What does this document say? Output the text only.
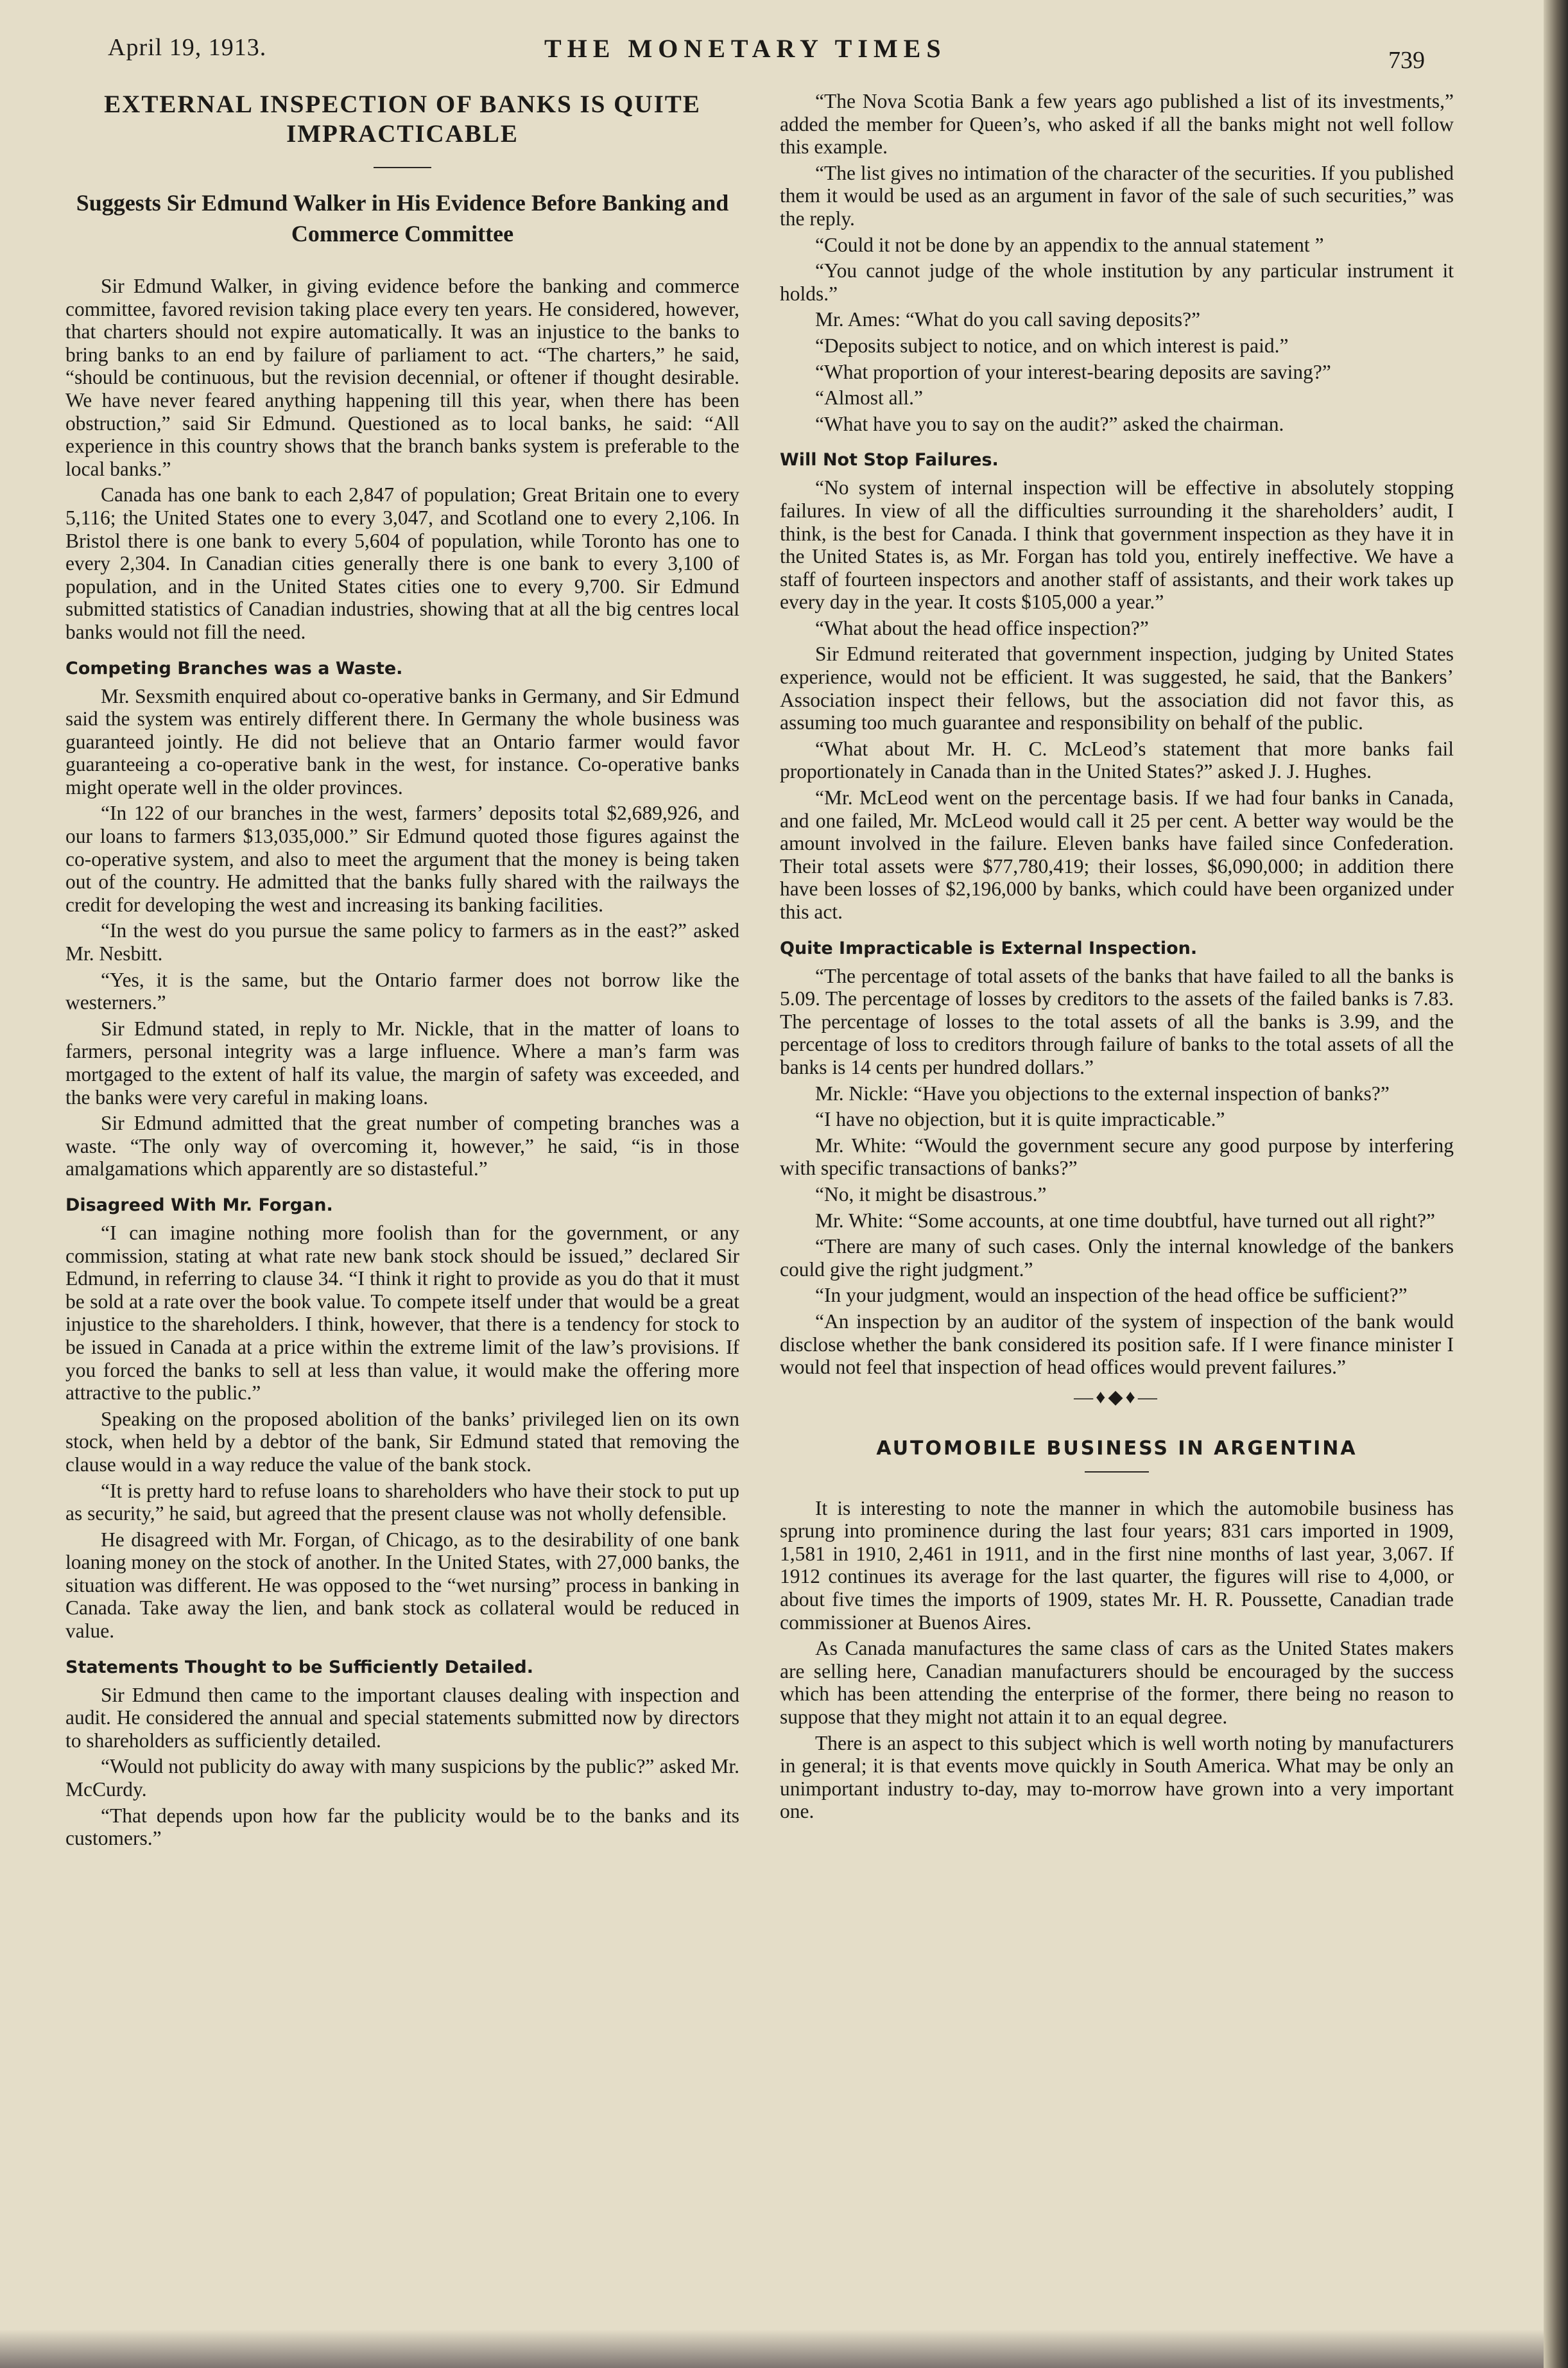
April 19, 1913.	THE MONETARY TIMES	739
EXTERNAL INSPECTION OF BANKS IS QUITE IMPRACTICABLE
Suggests Sir Edmund Walker in His Evidence Before Banking and Commerce Committee

Sir Edmund Walker, in giving evidence before the banking and commerce committee, favored revision taking place every ten years. He considered, however, that charters should not expire automatically. It was an injustice to the banks to bring banks to an end by failure of parliament to act. “The charters,” he said, “should be continuous, but the revision decennial, or oftener if thought desirable. We have never feared anything happening till this year, when there has been obstruction,” said Sir Edmund. Questioned as to local banks, he said: “All experience in this country shows that the branch banks system is preferable to the local banks.”

Canada has one bank to each 2,847 of population; Great Britain one to every 5,116; the United States one to every 3,047, and Scotland one to every 2,106. In Bristol there is one bank to every 5,604 of population, while Toronto has one to every 2,304. In Canadian cities generally there is one bank to every 3,100 of population, and in the United States cities one to every 9,700. Sir Edmund submitted statistics of Canadian industries, showing that at all the big centres local banks would not fill the need.

Competing Branches was a Waste.

Mr. Sexsmith enquired about co-operative banks in Germany, and Sir Edmund said the system was entirely different there. In Germany the whole business was guaranteed jointly. He did not believe that an Ontario farmer would favor guaranteeing a co-operative bank in the west, for instance. Co-operative banks might operate well in the older provinces.

“In 122 of our branches in the west, farmers’ deposits total $2,689,926, and our loans to farmers $13,035,000.” Sir Edmund quoted those figures against the co-operative system, and also to meet the argument that the money is being taken out of the country. He admitted that the banks fully shared with the railways the credit for developing the west and increasing its banking facilities.

“In the west do you pursue the same policy to farmers as in the east?” asked Mr. Nesbitt.

“Yes, it is the same, but the Ontario farmer does not borrow like the westerners.”

Sir Edmund stated, in reply to Mr. Nickle, that in the matter of loans to farmers, personal integrity was a large influence. Where a man’s farm was mortgaged to the extent of half its value, the margin of safety was exceeded, and the banks were very careful in making loans.

Sir Edmund admitted that the great number of competing branches was a waste. “The only way of overcoming it, however,” he said, “is in those amalgamations which apparently are so distasteful.”

Disagreed With Mr. Forgan.

“I can imagine nothing more foolish than for the government, or any commission, stating at what rate new bank stock should be issued,” declared Sir Edmund, in referring to clause 34. “I think it right to provide as you do that it must be sold at a rate over the book value. To compete itself under that would be a great injustice to the shareholders. I think, however, that there is a tendency for stock to be issued in Canada at a price within the extreme limit of the law’s provisions. If you forced the banks to sell at less than value, it would make the offering more attractive to the public.”

Speaking on the proposed abolition of the banks’ privileged lien on its own stock, when held by a debtor of the bank, Sir Edmund stated that removing the clause would in a way reduce the value of the bank stock.

“It is pretty hard to refuse loans to shareholders who have their stock to put up as security,” he said, but agreed that the present clause was not wholly defensible.

He disagreed with Mr. Forgan, of Chicago, as to the desirability of one bank loaning money on the stock of another. In the United States, with 27,000 banks, the situation was different. He was opposed to the “wet nursing” process in banking in Canada. Take away the lien, and bank stock as collateral would be reduced in value.

Statements Thought to be Sufficiently Detailed.

Sir Edmund then came to the important clauses dealing with inspection and audit. He considered the annual and special statements submitted now by directors to shareholders as sufficiently detailed.

“Would not publicity do away with many suspicions by the public?” asked Mr. McCurdy.

“That depends upon how far the publicity would be to the banks and its customers.”

“The Nova Scotia Bank a few years ago published a list of its investments,” added the member for Queen’s, who asked if all the banks might not well follow this example.

“The list gives no intimation of the character of the securities. If you published them it would be used as an argument in favor of the sale of such securities,” was the reply.

“Could it not be done by an appendix to the annual statement ”

“You cannot judge of the whole institution by any particular instrument it holds.”

Mr. Ames: “What do you call saving deposits?”

“Deposits subject to notice, and on which interest is paid.”

“What proportion of your interest-bearing deposits are saving?”

“Almost all.”

“What have you to say on the audit?” asked the chairman.

Will Not Stop Failures.

“No system of internal inspection will be effective in absolutely stopping failures. In view of all the difficulties surrounding it the shareholders’ audit, I think, is the best for Canada. I think that government inspection as they have it in the United States is, as Mr. Forgan has told you, entirely ineffective. We have a staff of fourteen inspectors and another staff of assistants, and their work takes up every day in the year. It costs $105,000 a year.”

“What about the head office inspection?”

Sir Edmund reiterated that government inspection, judging by United States experience, would not be efficient. It was suggested, he said, that the Bankers’ Association inspect their fellows, but the association did not favor this, as assuming too much guarantee and responsibility on behalf of the public.

“What about Mr. H. C. McLeod’s statement that more banks fail proportionately in Canada than in the United States?” asked J. J. Hughes.

“Mr. McLeod went on the percentage basis. If we had four banks in Canada, and one failed, Mr. McLeod would call it 25 per cent. A better way would be the amount involved in the failure. Eleven banks have failed since Confederation. Their total assets were $77,780,419; their losses, $6,090,000; in addition there have been losses of $2,196,000 by banks, which could have been organized under this act.

Quite Impracticable is External Inspection.

“The percentage of total assets of the banks that have failed to all the banks is 5.09. The percentage of losses by creditors to the assets of the failed banks is 7.83. The percentage of losses to the total assets of all the banks is 3.99, and the percentage of loss to creditors through failure of banks to the total assets of all the banks is 14 cents per hundred dollars.”

Mr. Nickle: “Have you objections to the external inspection of banks?”

“I have no objection, but it is quite impracticable.”

Mr. White: “Would the government secure any good purpose by interfering with specific transactions of banks?”

“No, it might be disastrous.”

Mr. White: “Some accounts, at one time doubtful, have turned out all right?”

“There are many of such cases. Only the internal knowledge of the bankers could give the right judgment.”

“In your judgment, would an inspection of the head office be sufficient?”

“An inspection by an auditor of the system of inspection of the bank would disclose whether the bank considered its position safe. If I were finance minister I would not feel that inspection of head offices would prevent failures.”

—♦◆♦—
AUTOMOBILE BUSINESS IN ARGENTINA

It is interesting to note the manner in which the automobile business has sprung into prominence during the last four years; 831 cars imported in 1909, 1,581 in 1910, 2,461 in 1911, and in the first nine months of last year, 3,067. If 1912 continues its average for the last quarter, the figures will rise to 4,000, or about five times the imports of 1909, states Mr. H. R. Poussette, Canadian trade commissioner at Buenos Aires.

As Canada manufactures the same class of cars as the United States makers are selling here, Canadian manufacturers should be encouraged by the success which has been attending the enterprise of the former, there being no reason to suppose that they might not attain it to an equal degree.

There is an aspect to this subject which is well worth noting by manufacturers in general; it is that events move quickly in South America. What may be only an unimportant industry to-day, may to-morrow have grown into a very important one.
